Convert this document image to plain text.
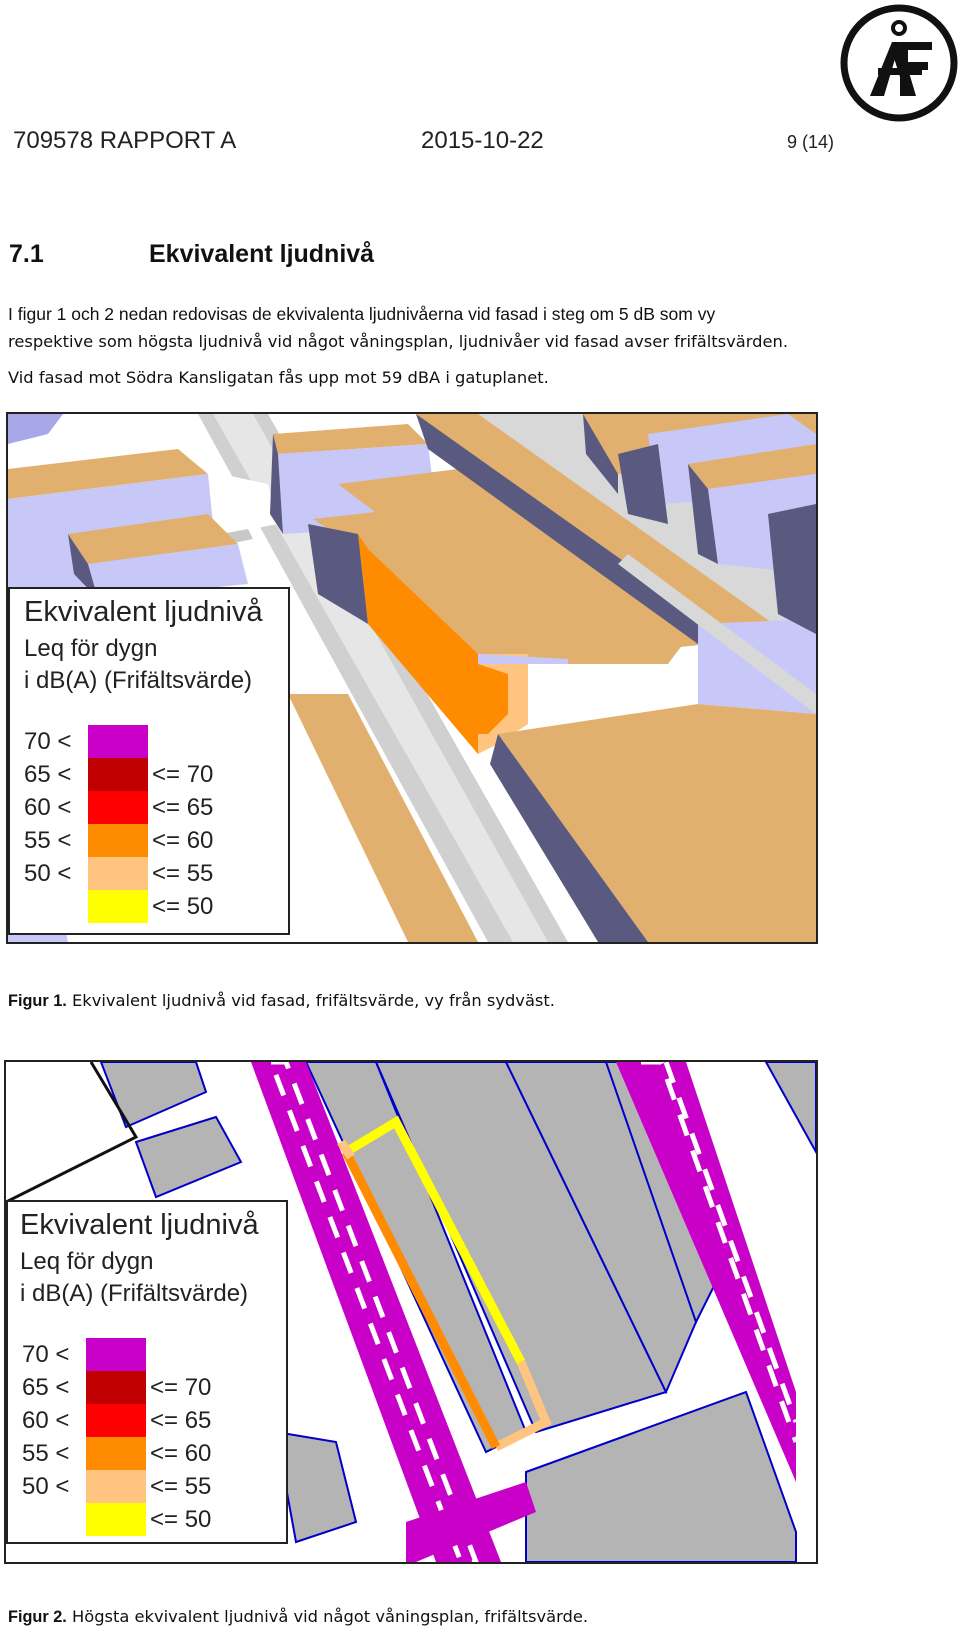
709578 RAPPORT A	2015-10-22	9 (14)
7.1	Ekvivalent ljudnivå
I figur 1 och 2 nedan redovisas de ekvivalenta ljudnivåerna vid fasad i steg om 5 dB som vy
respektive som högsta ljudnivå vid något våningsplan, ljudnivåer vid fasad avser frifältsvärden.
Vid fasad mot Södra Kansligatan fås upp mot 59 dBA i gatuplanet.
Ekvivalent ljudnivå
Leq för dygn
i dB(A) (Frifältsvärde)
70 <
65 <	<= 70
60 <	<= 65
55 <	<= 60
50 <	<= 55
<= 50
Figur 1. Ekvivalent ljudnivå vid fasad, frifältsvärde, vy från sydväst.
Ekvivalent ljudnivå
Leq för dygn
i dB(A) (Frifältsvärde)
70 <
65 <	<= 70
60 <	<= 65
55 <	<= 60
50 <	<= 55
<= 50
Figur 2. Högsta ekvivalent ljudnivå vid något våningsplan, frifältsvärde.
